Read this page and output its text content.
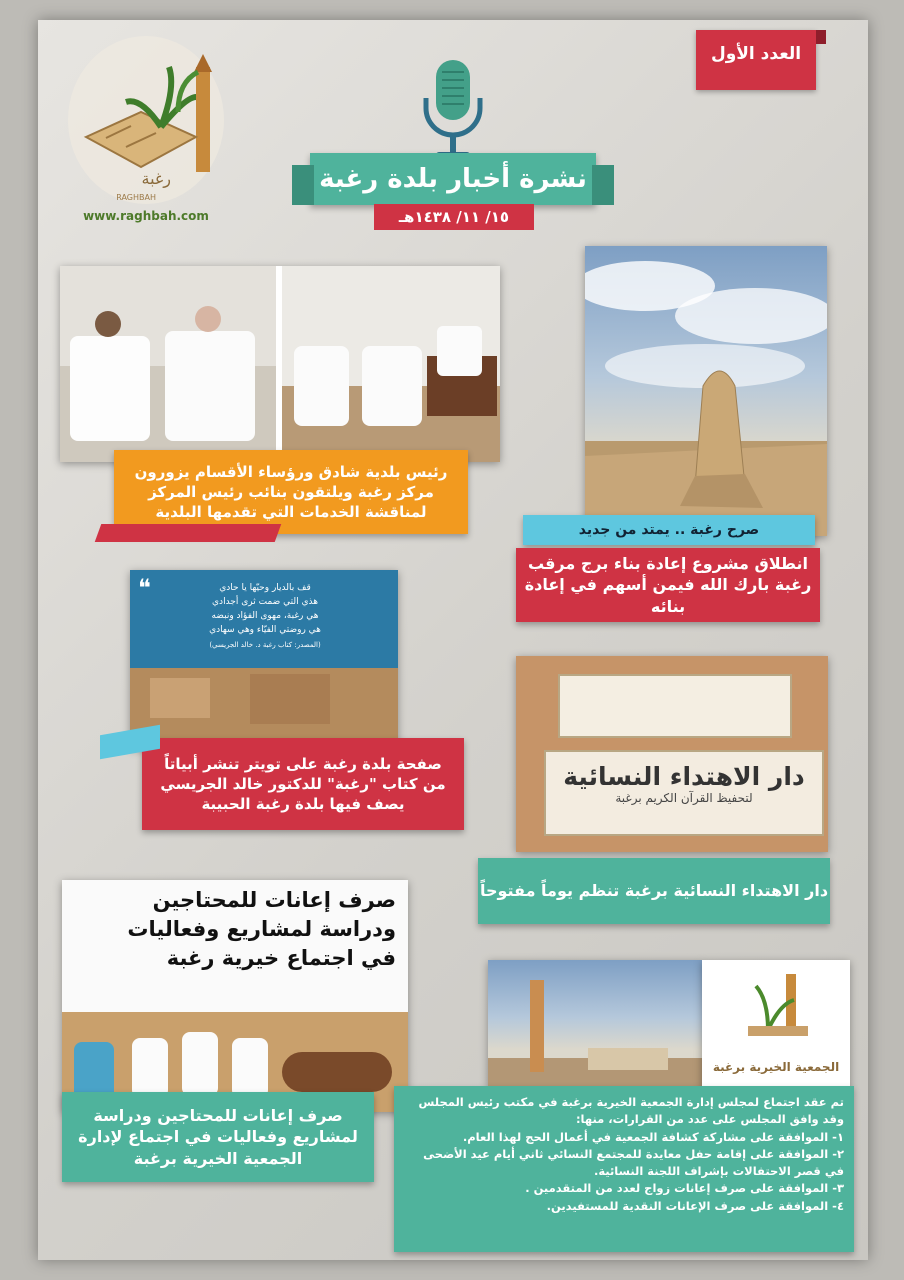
العدد الأول
رغبة
RAGHBAH
www.raghbah.com
نشرة أخبار بلدة رغبة
١٥/ ١١/ ١٤٣٨هـ
صرح رغبة .. يمتد من جديد
انطلاق مشروع إعادة بناء برج مرقب رغبة بارك الله فيمن أسهم في إعادة بنائه
رئيس بلدية شادق ورؤساء الأقسام يزورون مركز رغبة ويلتقون بنائب رئيس المركز لمناقشة الخدمات التي تقدمها البلدية
❝	قف بالديار وحيّها يا حادي
هذي التي ضمت ثرى أجدادي
هي رغبة، مهوى الفؤاد ونبضه
هي روضتي الفيّاء وهي سهادي
(المصدر: كتاب رغبة د. خالد الجريسي)
صفحة بلدة رغبة على تويتر تنشر أبياتاً من كتاب "رغبة" للدكتور خالد الجريسي يصف فيها بلدة رغبة الحبيبة
دار الاهتداء النسائية
لتحفيظ القرآن الكريم برغبة
دار الاهتداء النسائية برغبة تنظم يوماً مفتوحاً
صرف إعانات للمحتاجين ودراسة لمشاريع وفعاليات في اجتماع خيرية رغبة
صرف إعانات للمحتاجين ودراسة لمشاريع وفعاليات في اجتماع لإدارة الجمعية الخيرية برغبة
الجمعية الخيرية برغبة
تم عقد اجتماع لمجلس إدارة الجمعية الخيرية برغبة في مكتب رئيس المجلس وقد وافق المجلس على عدد من القرارات، منها:
١- الموافقة على مشاركة كشافة الجمعية في أعمال الحج لهذا العام.
٢- الموافقة على إقامة حفل معايدة للمجتمع النسائي ثاني أيام عيد الأضحى في قصر الاحتفالات بإشراف اللجنة النسائية.
٣- الموافقة على صرف إعانات زواج لعدد من المتقدمين .
٤- الموافقة على صرف الإعانات النقدية للمستفيدين.
